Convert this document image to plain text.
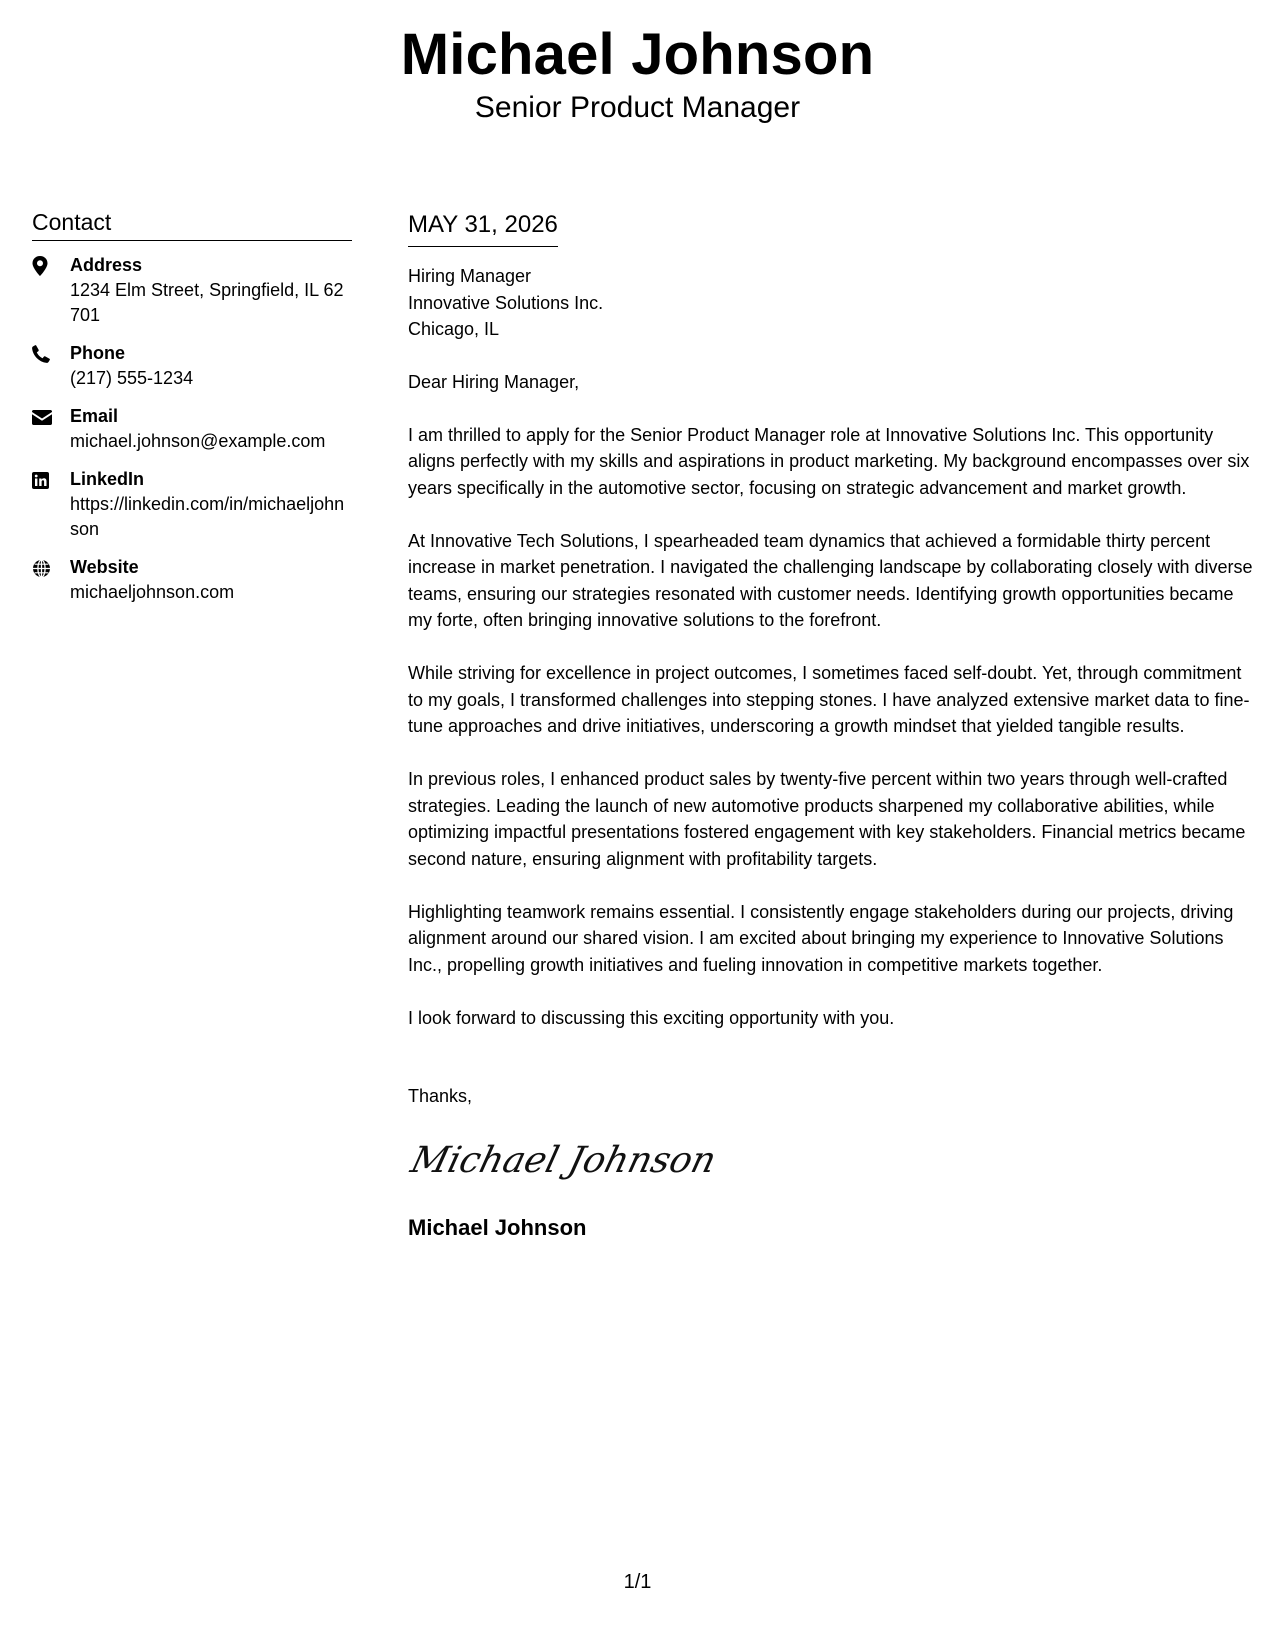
Michael Johnson
Senior Product Manager
Contact
Address
1234 Elm Street, Springfield, IL 62701
Phone
(217) 555-1234
Email
michael.johnson@example.com
LinkedIn
https://linkedin.com/in/michaeljohnson
Website
michaeljohnson.com
MAY 31, 2026
Hiring Manager
Innovative Solutions Inc.
Chicago, IL

Dear Hiring Manager,

I am thrilled to apply for the Senior Product Manager role at Innovative Solutions Inc. This opportunity aligns perfectly with my skills and aspirations in product marketing. My background encompasses over six years specifically in the automotive sector, focusing on strategic advancement and market growth.

At Innovative Tech Solutions, I spearheaded team dynamics that achieved a formidable thirty percent increase in market penetration. I navigated the challenging landscape by collaborating closely with diverse teams, ensuring our strategies resonated with customer needs. Identifying growth opportunities became my forte, often bringing innovative solutions to the forefront.

While striving for excellence in project outcomes, I sometimes faced self-doubt. Yet, through commitment to my goals, I transformed challenges into stepping stones. I have analyzed extensive market data to fine-tune approaches and drive initiatives, underscoring a growth mindset that yielded tangible results.

In previous roles, I enhanced product sales by twenty-five percent within two years through well-crafted strategies. Leading the launch of new automotive products sharpened my collaborative abilities, while optimizing impactful presentations fostered engagement with key stakeholders. Financial metrics became second nature, ensuring alignment with profitability targets.

Highlighting teamwork remains essential. I consistently engage stakeholders during our projects, driving alignment around our shared vision. I am excited about bringing my experience to Innovative Solutions Inc., propelling growth initiatives and fueling innovation in competitive markets together.

I look forward to discussing this exciting opportunity with you.

Thanks,

Michael Johnson
Michael Johnson
1/1
